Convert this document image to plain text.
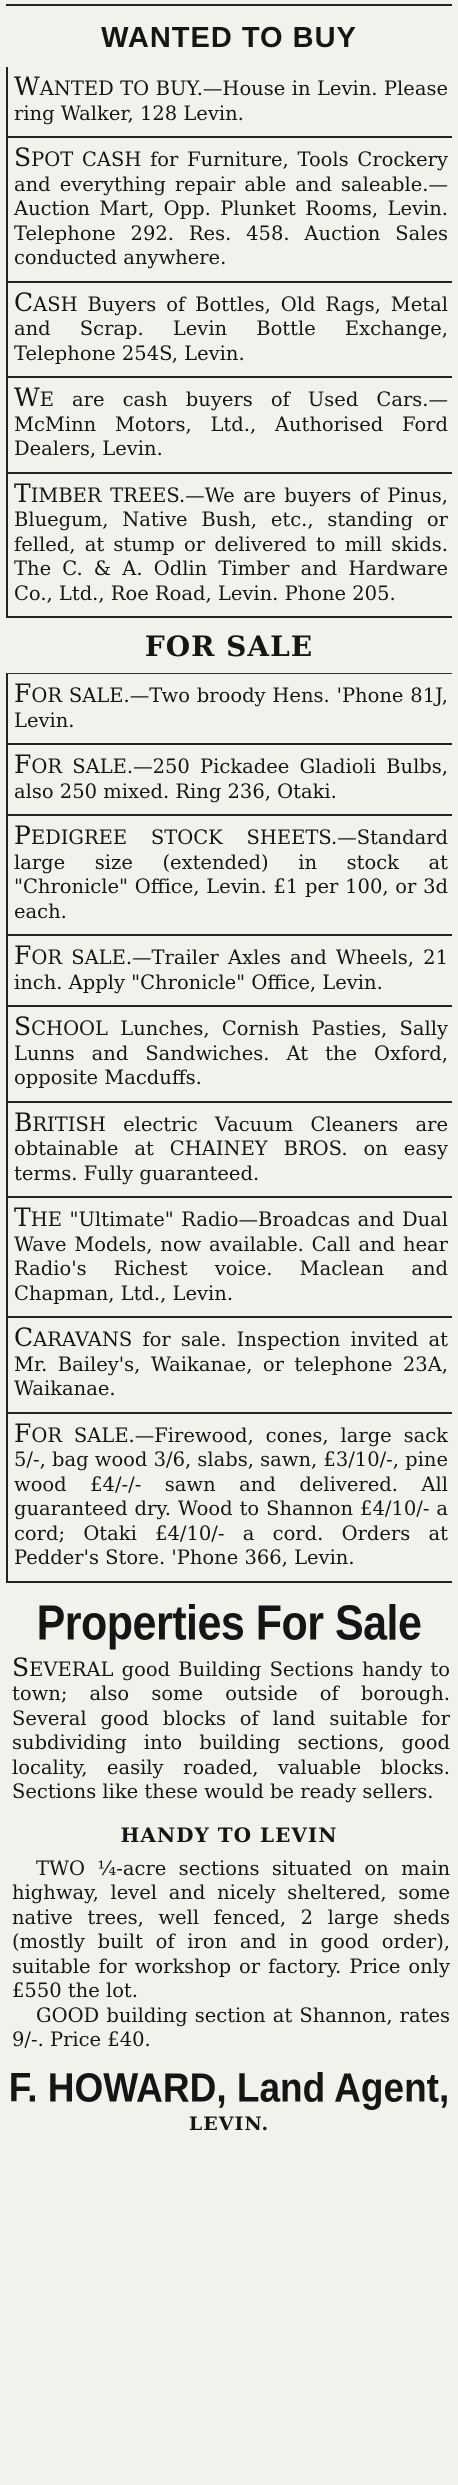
WANTED TO BUY
WANTED TO BUY.—House in Levin. Please ring Walker, 128 Levin.
SPOT CASH for Furniture, Tools Crockery and everything repair able and saleable.—Auction Mart, Opp. Plunket Rooms, Levin. Telephone 292. Res. 458. Auction Sales conducted anywhere.
CASH Buyers of Bottles, Old Rags, Metal and Scrap. Levin Bottle Exchange, Telephone 254S, Levin.
WE are cash buyers of Used Cars.—McMinn Motors, Ltd., Authorised Ford Dealers, Levin.
TIMBER TREES.—We are buyers of Pinus, Bluegum, Native Bush, etc., standing or felled, at stump or delivered to mill skids. The C. & A. Odlin Timber and Hardware Co., Ltd., Roe Road, Levin. Phone 205.
FOR SALE
FOR SALE.—Two broody Hens. 'Phone 81J, Levin.
FOR SALE.—250 Pickadee Gladioli Bulbs, also 250 mixed. Ring 236, Otaki.
PEDIGREE STOCK SHEETS.—Standard large size (extended) in stock at "Chronicle" Office, Levin. £1 per 100, or 3d each.
FOR SALE.—Trailer Axles and Wheels, 21 inch. Apply "Chronicle" Office, Levin.
SCHOOL Lunches, Cornish Pasties, Sally Lunns and Sandwiches. At the Oxford, opposite Macduffs.
BRITISH electric Vacuum Cleaners are obtainable at CHAINEY BROS. on easy terms. Fully guaranteed.
THE "Ultimate" Radio—Broadcas and Dual Wave Models, now available. Call and hear Radio's Richest voice. Maclean and Chapman, Ltd., Levin.
CARAVANS for sale. Inspection invited at Mr. Bailey's, Waikanae, or telephone 23A, Waikanae.
FOR SALE.—Firewood, cones, large sack 5/-, bag wood 3/6, slabs, sawn, £3/10/-, pine wood £4/-/- sawn and delivered. All guaranteed dry. Wood to Shannon £4/10/- a cord; Otaki £4/10/- a cord. Orders at Pedder's Store. 'Phone 366, Levin.
Properties For Sale
SEVERAL good Building Sections handy to town; also some outside of borough. Several good blocks of land suitable for subdividing into building sections, good locality, easily roaded, valuable blocks. Sections like these would be ready sellers.
HANDY TO LEVIN
TWO ¼-acre sections situated on main highway, level and nicely sheltered, some native trees, well fenced, 2 large sheds (mostly built of iron and in good order), suitable for workshop or factory. Price only £550 the lot.
GOOD building section at Shannon, rates 9/-. Price £40.
F. HOWARD, Land Agent,
LEVIN.
